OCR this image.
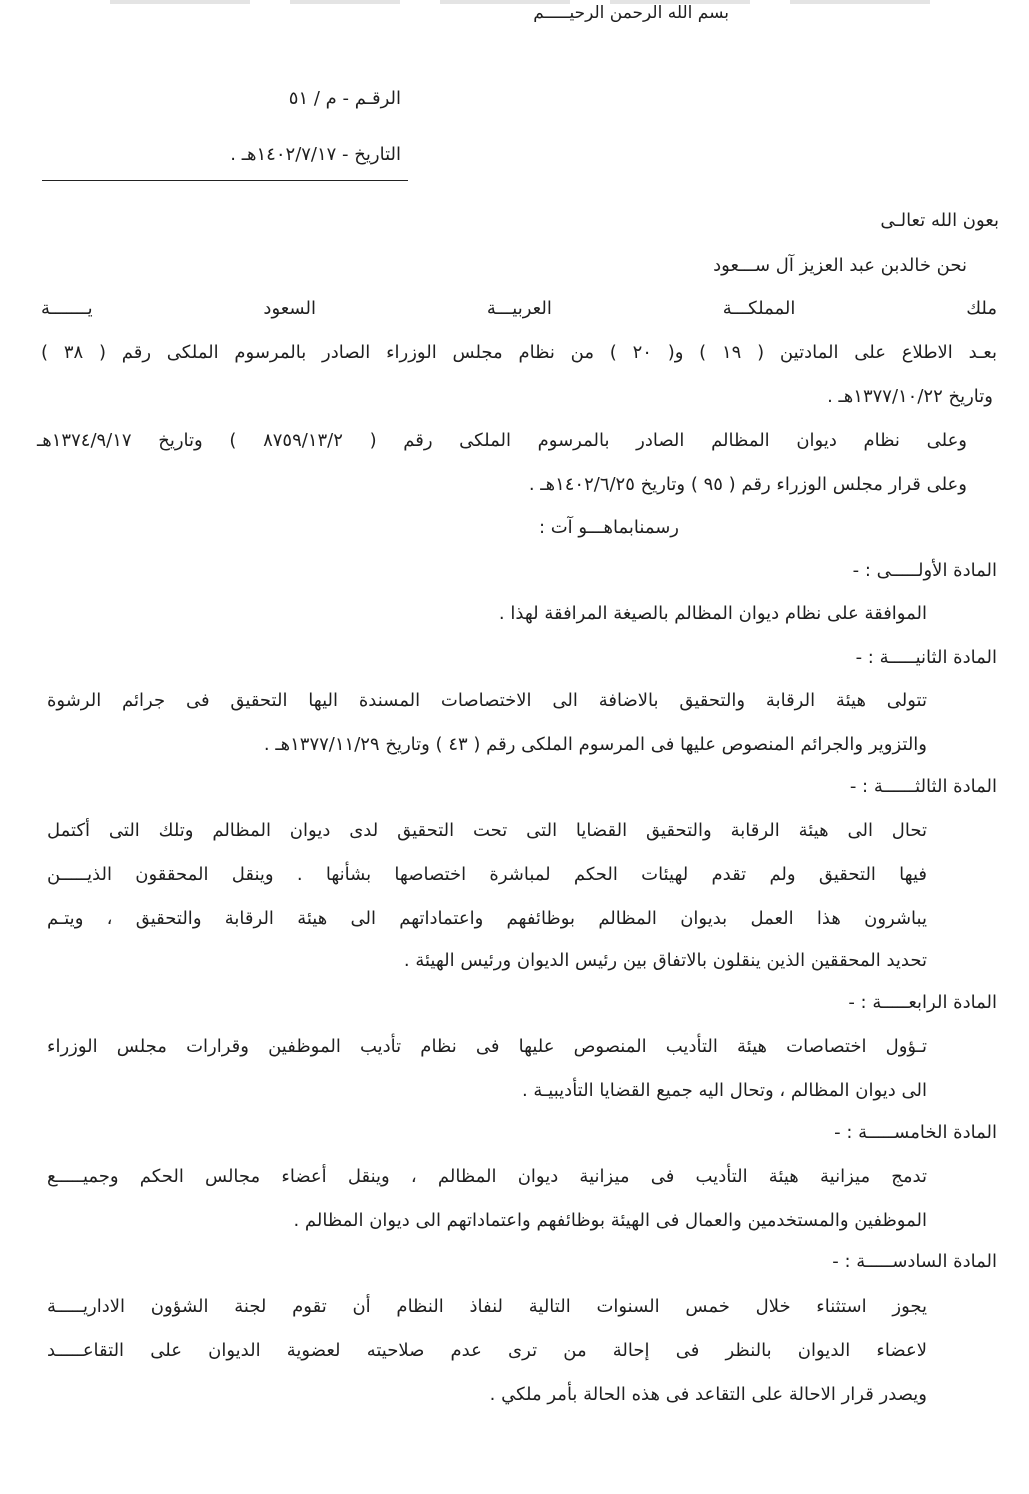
بسم الله الرحمن الرحيـــــم
الرقـم - م / ٥١
التاريخ - ١٤٠٢/٧/١٧هـ .
بعون الله تعالـى
نحن خالدبن عبد العزيز آل ســـعود
ملك المملكـــة العربيـــة السعود يـــــــة
بعـد الاطلاع على المادتين ( ١٩ ) و( ٢٠ ) من نظام مجلس الوزراء الصادر بالمرسوم الملكى رقم ( ٣٨ )
وتاريخ ١٣٧٧/١٠/٢٢هـ .
وعلى نظام ديوان المظالم الصادر بالمرسوم الملكى رقم ( ٨٧٥٩/١٣/٢ ) وتاريخ ١٣٧٤/٩/١٧هـ
وعلى قرار مجلس الوزراء رقم ( ٩٥ ) وتاريخ ١٤٠٢/٦/٢٥هـ .
رسمنابماهـــو آت :
المادة الأولـــــى : -
الموافقة على نظام ديوان المظالم بالصيغة المرافقة لهذا .
المادة الثانيـــــة : -
تتولى هيئة الرقابة والتحقيق بالاضافة الى الاختصاصات المسندة اليها التحقيق فى جرائم الرشوة
والتزوير والجرائم المنصوص عليها فى المرسوم الملكى رقم ( ٤٣ ) وتاريخ ١٣٧٧/١١/٢٩هـ .
المادة الثالثــــــة : -
تحال الى هيئة الرقابة والتحقيق القضايا التى تحت التحقيق لدى ديوان المظالم وتلك التى أكتمل
فيها التحقيق ولم تقدم لهيئات الحكم لمباشرة اختصاصها بشأنها . وينقل المحققون الذيـــــن
يباشرون هذا العمل بديوان المظالم بوظائفهم واعتماداتهم الى هيئة الرقابة والتحقيق ، ويتـم
تحديد المحققين الذين ينقلون بالاتفاق بين رئيس الديوان ورئيس الهيئة .
المادة الرابعـــــة : -
تـؤول اختصاصات هيئة التأديب المنصوص عليها فى نظام تأديب الموظفين وقرارات مجلس الوزراء
الى ديوان المظالم ، وتحال اليه جميع القضايا التأديبيـة .
المادة الخامســـــة : -
تدمج ميزانية هيئة التأديب فى ميزانية ديوان المظالم ، وينقل أعضاء مجالس الحكم وجميـــــع
الموظفين والمستخدمين والعمال فى الهيئة بوظائفهم واعتماداتهم الى ديوان المظالم .
المادة السادســـــة : -
يجوز استثناء خلال خمس السنوات التالية لنفاذ النظام أن تقوم لجنة الشؤون الاداريـــــة
لاعضاء الديوان بالنظر فى إحالة من ترى عدم صلاحيته لعضوية الديوان على التقاعـــــد
ويصدر قرار الاحالة على التقاعد فى هذه الحالة بأمر ملكي .
